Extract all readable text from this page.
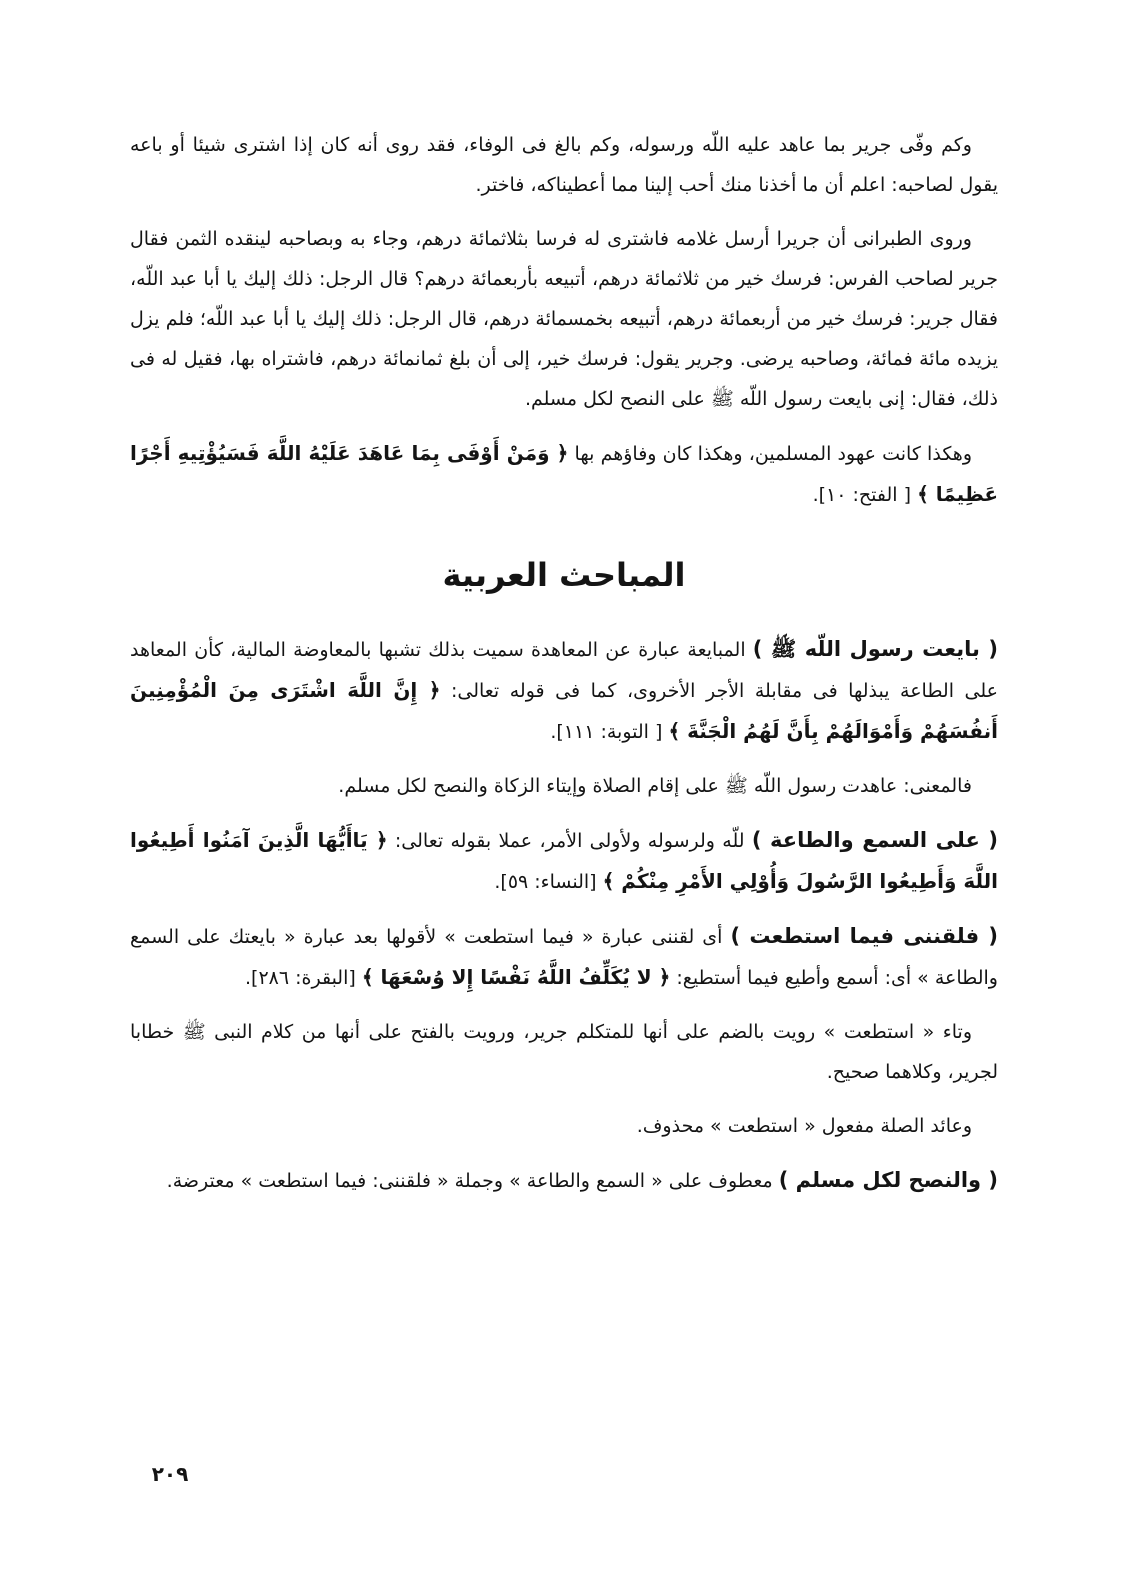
وكم وفّى جرير بما عاهد عليه اللّه ورسوله، وكم بالغ فى الوفاء، فقد روى أنه كان إذا اشترى شيئا أو باعه يقول لصاحبه: اعلم أن ما أخذنا منك أحب إلينا مما أعطيناكه، فاختر.

وروى الطبرانى أن جريرا أرسل غلامه فاشترى له فرسا بثلاثمائة درهم، وجاء به وبصاحبه لينقده الثمن فقال جرير لصاحب الفرس: فرسك خير من ثلاثمائة درهم، أتبيعه بأربعمائة درهم؟ قال الرجل: ذلك إليك يا أبا عبد اللّه، فقال جرير: فرسك خير من أربعمائة درهم، أتبيعه بخمسمائة درهم، قال الرجل: ذلك إليك يا أبا عبد اللّه؛ فلم يزل يزيده مائة فمائة، وصاحبه يرضى. وجرير يقول: فرسك خير، إلى أن بلغ ثمانمائة درهم، فاشتراه بها، فقيل له فى ذلك، فقال: إنى بايعت رسول اللّه ﷺ على النصح لكل مسلم.

وهكذا كانت عهود المسلمين، وهكذا كان وفاؤهم بها ﴿ وَمَنْ أَوْفَى بِمَا عَاهَدَ عَلَيْهُ اللَّهَ فَسَيُؤْتِيهِ أَجْرًا عَظِيمًا ﴾ [ الفتح: ١٠].

المباحث العربية

( بايعت رسول اللّه ﷺ ) المبايعة عبارة عن المعاهدة سميت بذلك تشبها بالمعاوضة المالية، كأن المعاهد على الطاعة يبذلها فى مقابلة الأجر الأخروى، كما فى قوله تعالى: ﴿ إِنَّ اللَّهَ اشْتَرَى مِنَ الْمُؤْمِنِينَ أَنفُسَهُمْ وَأَمْوَالَهُمْ بِأَنَّ لَهُمُ الْجَنَّةَ ﴾ [ التوبة: ١١١].

فالمعنى: عاهدت رسول اللّه ﷺ على إقام الصلاة وإيتاء الزكاة والنصح لكل مسلم.

( على السمع والطاعة ) للّه ولرسوله ولأولى الأمر، عملا بقوله تعالى: ﴿ يَاأَيُّهَا الَّذِينَ آمَنُوا أَطِيعُوا اللَّهَ وَأَطِيعُوا الرَّسُولَ وَأُوْلِي الأَمْرِ مِنْكُمْ ﴾ [النساء: ٥٩].

( فلقننى فيما استطعت ) أى لقننى عبارة « فيما استطعت » لأقولها بعد عبارة « بايعتك على السمع والطاعة » أى: أسمع وأطيع فيما أستطيع: ﴿ لا يُكَلِّفُ اللَّهُ نَفْسًا إِلا وُسْعَهَا ﴾ [البقرة: ٢٨٦].

وتاء « استطعت » رويت بالضم على أنها للمتكلم جرير، ورويت بالفتح على أنها من كلام النبى ﷺ خطابا لجرير، وكلاهما صحيح.

وعائد الصلة مفعول « استطعت » محذوف.

( والنصح لكل مسلم ) معطوف على « السمع والطاعة » وجملة « فلقننى: فيما استطعت » معترضة.

٢٠٩
